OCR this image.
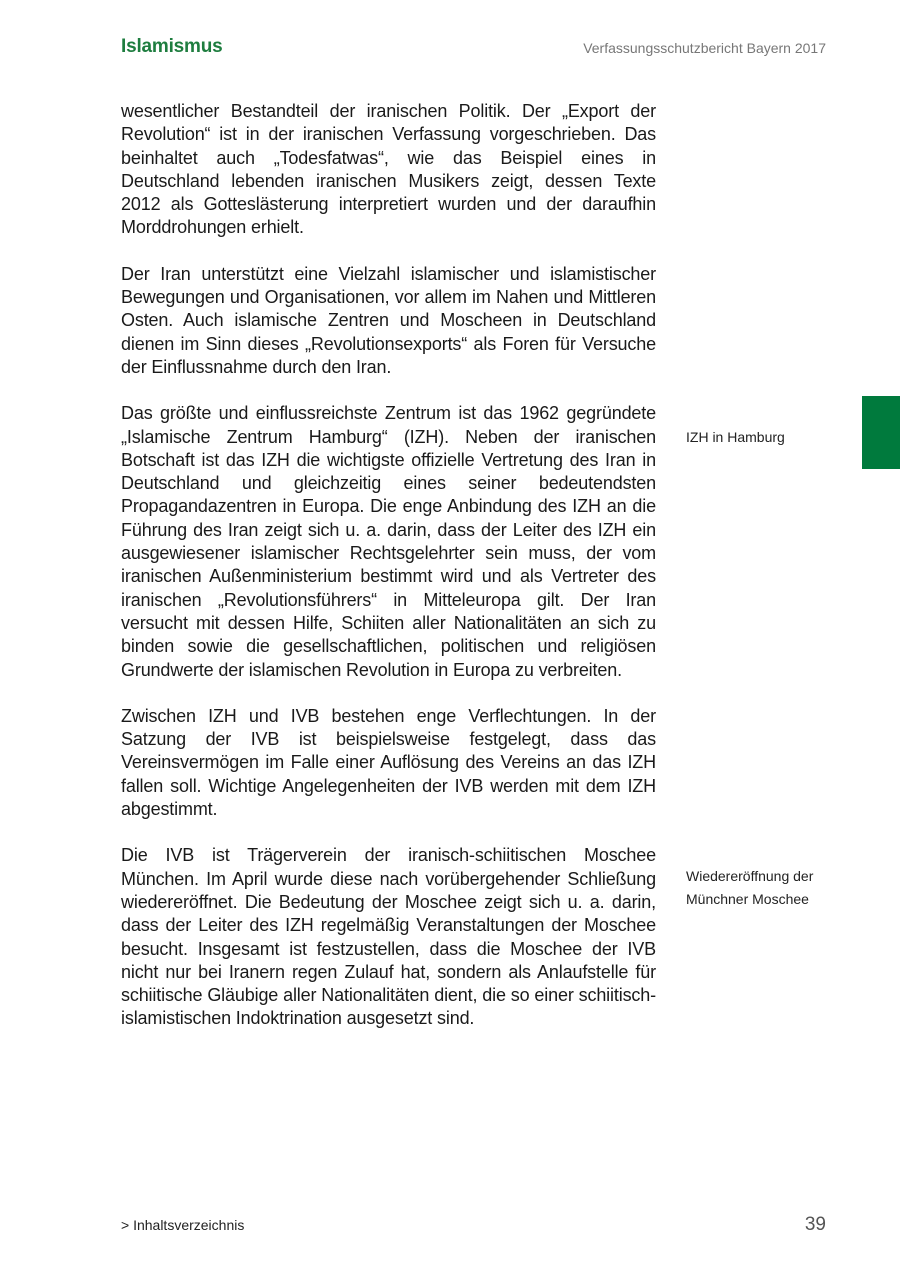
Islamismus	Verfassungsschutzbericht Bayern 2017

wesentlicher Bestandteil der iranischen Politik. Der „Export der Revolution“ ist in der iranischen Verfassung vorgeschrieben. Das beinhaltet auch „Todesfatwas“, wie das Beispiel eines in Deutschland lebenden iranischen Musikers zeigt, dessen Texte 2012 als Gotteslästerung interpretiert wurden und der daraufhin Morddrohungen erhielt.

Der Iran unterstützt eine Vielzahl islamischer und islamistischer Bewegungen und Organisationen, vor allem im Nahen und Mittleren Osten. Auch islamische Zentren und Moscheen in Deutschland dienen im Sinn dieses „Revolutionsexports“ als Foren für Versuche der Einflussnahme durch den Iran.

Das größte und einflussreichste Zentrum ist das 1962 gegründete „Islamische Zentrum Hamburg“ (IZH). Neben der iranischen Botschaft ist das IZH die wichtigste offizielle Vertretung des Iran in Deutschland und gleichzeitig eines seiner bedeutendsten Propagandazentren in Europa. Die enge Anbindung des IZH an die Führung des Iran zeigt sich u. a. darin, dass der Leiter des IZH ein ausgewiesener islamischer Rechtsgelehrter sein muss, der vom iranischen Außenministerium bestimmt wird und als Vertreter des iranischen „Revolutionsführers“ in Mitteleuropa gilt. Der Iran versucht mit dessen Hilfe, Schiiten aller Nationalitäten an sich zu binden sowie die gesellschaftlichen, politischen und religiösen Grundwerte der islamischen Revolution in Europa zu verbreiten.

Zwischen IZH und IVB bestehen enge Verflechtungen. In der Satzung der IVB ist beispielsweise festgelegt, dass das Vereinsvermögen im Falle einer Auflösung des Vereins an das IZH fallen soll. Wichtige Angelegenheiten der IVB werden mit dem IZH abgestimmt.

Die IVB ist Trägerverein der iranisch-schiitischen Moschee München. Im April wurde diese nach vorübergehender Schließung wiedereröffnet. Die Bedeutung der Moschee zeigt sich u. a. darin, dass der Leiter des IZH regelmäßig Veranstaltungen der Moschee besucht. Insgesamt ist festzustellen, dass die Moschee der IVB nicht nur bei Iranern regen Zulauf hat, sondern als Anlaufstelle für schiitische Gläubige aller Nationalitäten dient, die so einer schiitisch-islamistischen Indoktrination ausgesetzt sind.

IZH in Hamburg
Wiedereröffnung der
Münchner Moschee
> Inhaltsverzeichnis	39
